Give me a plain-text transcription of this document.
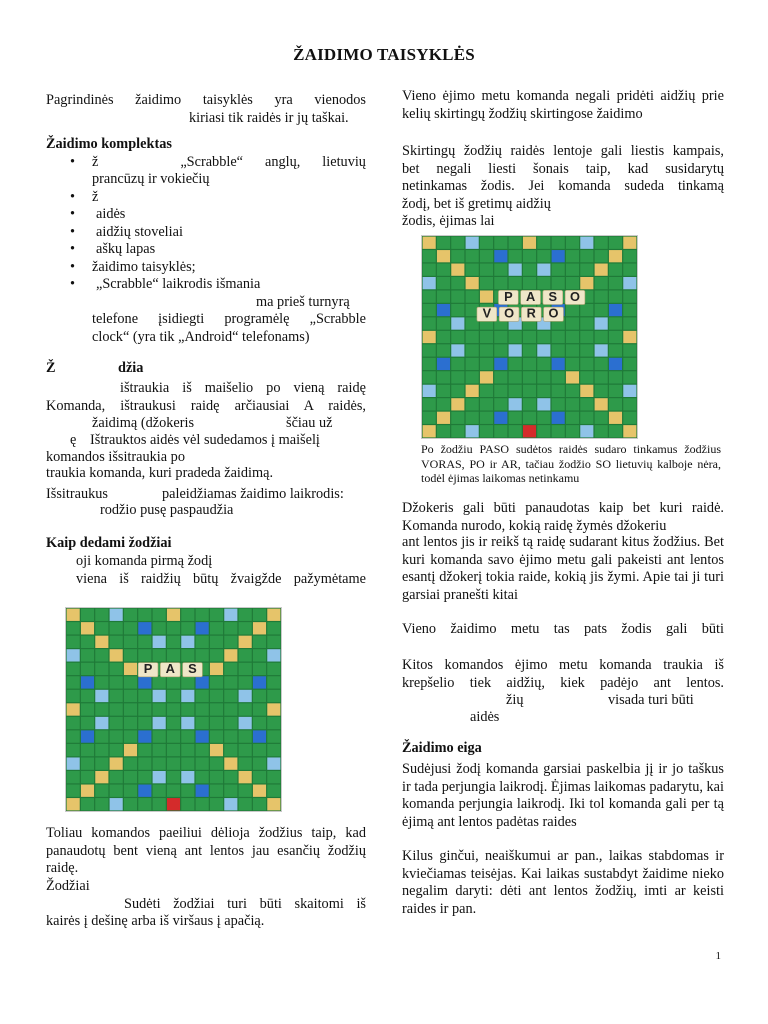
ŽAIDIMO TAISYKLĖS

Pagrindinės žaidimo taisyklės yra vienodos

kiriasi tik raidės ir jų taškai.

Žaidimo komplektas

• ž	„Scrabble“ anglų, lietuvių
prancūzų ir vokiečių
• ž
• aidės
• aidžių stoveliai
• aškų lapas
• žaidimo taisyklės;
• „Scrabble“ laikrodis išmania
ma prieš turnyrą
telefone įsidiegti programėlę „Scrabble
clock“ (yra tik „Android“ telefonams)
Ž	džia
ištraukia iš maišelio po vieną raidę
Komanda, ištraukusi raidę arčiausiai A raidės,
žaidimą (džokeris	ščiau už
ę Ištrauktos aidės vėl sudedamos į maišelį
komandos išsitraukia po
traukia komanda, kuri pradeda žaidimą.
Išsitraukus	paleidžiamas žaidimo laikrodis:
rodžio pusę paspaudžia
Kaip dedami žodžiai
oji komanda pirmą žodį
viena iš raidžių būtų žvaigžde pažymėtame
P A S
Toliau komandos paeiliui dėlioja žodžius taip, kad panaudotų bent vieną ant lentos jau esančių žodžių raidę.
Žodžiai
Sudėti žodžiai turi būti skaitomi iš
kairės į dešinę arba iš viršaus į apačią.
Vieno ėjimo metu komanda negali pridėti aidžių prie kelių skirtingų žodžių skirtingose žaidimo

Skirtingų žodžių raidės lentoje gali liestis kampais,

bet negali liesti šonais taip, kad susidarytų

netinkamas žodis. Jei komanda sudeda tinkamą

žodį, bet iš gretimų aidžių

žodis, ėjimas lai

P A S O
V O R O
Po žodžiu PASO sudėtos raidės sudaro tinkamus žodžius VORAS, PO ir AR, tačiau žodžio SO lietuvių kalboje nėra, todėl ėjimas laikomas netinkamu
Džokeris gali būti panaudotas kaip bet kuri raidė. Komanda nurodo, kokią raidę žymės džokeriu
ant lentos jis ir reikš tą raidę sudarant kitus žodžius. Bet kuri komanda savo ėjimo metu gali pakeisti ant lentos esantį džokerį tokia raide, kokią jis žymi. Apie tai ji turi garsiai pranešti kitai
Vieno žaidimo metu tas pats žodis gali būti

Kitos komandos ėjimo metu komanda traukia iš

krepšelio tiek aidžių, kiek padėjo ant lentos.

žių	visada turi būti
aidės
Žaidimo eiga
Sudėjusi žodį komanda garsiai paskelbia jį ir jo taškus ir tada perjungia laikrodį. Ėjimas laikomas padarytu, kai komanda perjungia laikrodį. Iki tol komanda gali per tą ėjimą ant lentos padėtas raides
Kilus ginčui, neaiškumui ar pan., laikas stabdomas ir kviečiamas teisėjas. Kai laikas sustabdyt žaidime nieko negalim daryti: dėti ant lentos žodžių, imti ar keisti raides ir pan.
1
